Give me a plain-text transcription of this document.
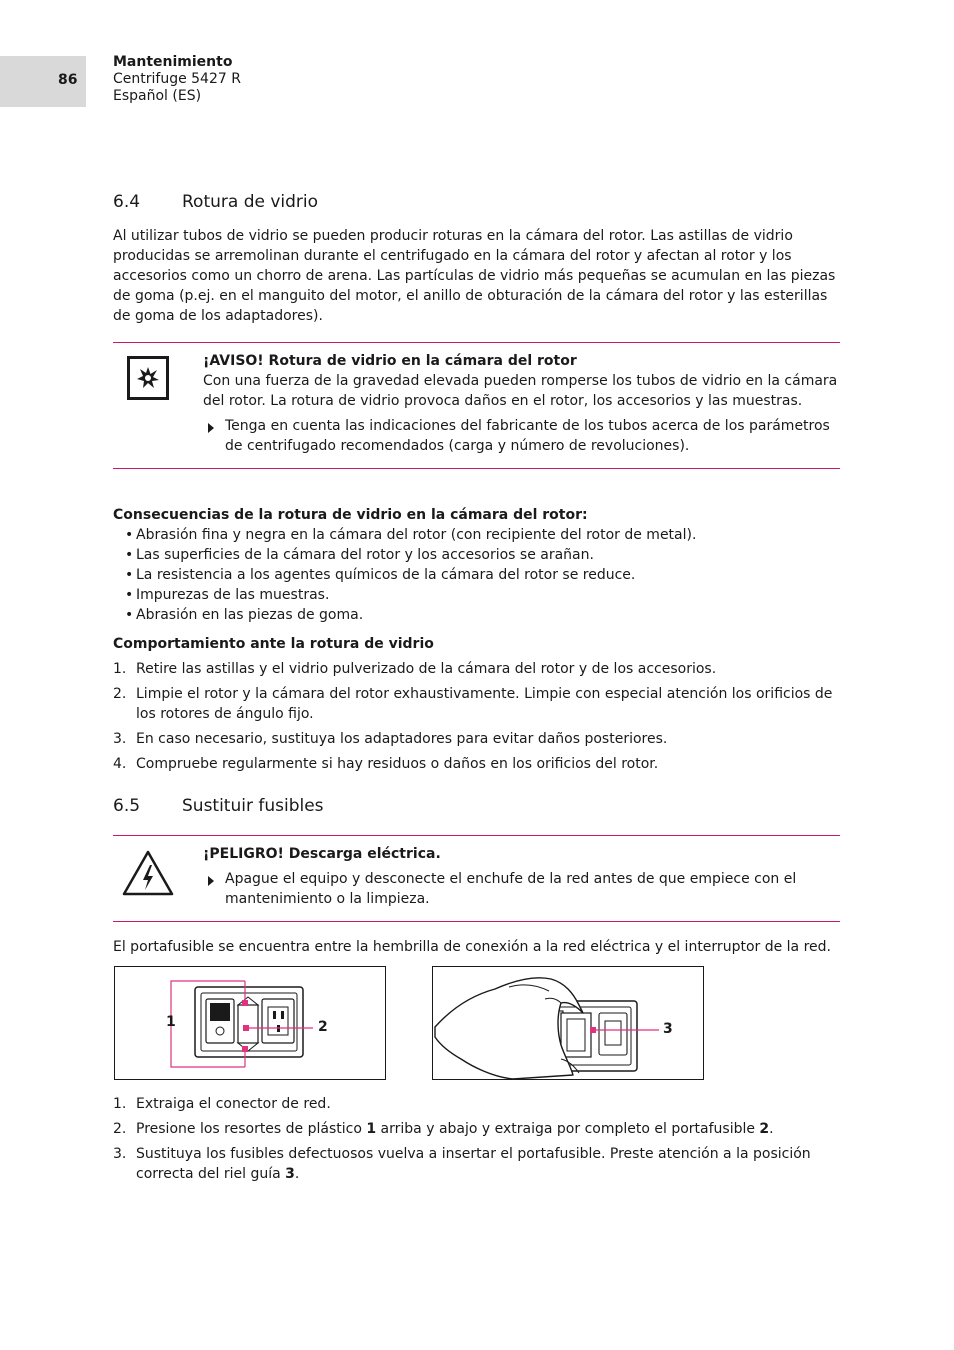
86
Mantenimiento
Centrifuge 5427 R
Español (ES)
6.4 Rotura de vidrio
Al utilizar tubos de vidrio se pueden producir roturas en la cámara del rotor. Las astillas de vidrio producidas se arremolinan durante el centrifugado en la cámara del rotor y afectan al rotor y los accesorios como un chorro de arena. Las partículas de vidrio más pequeñas se acumulan en las piezas de goma (p.ej. en el manguito del motor, el anillo de obturación de la cámara del rotor y las esterillas de goma de los adaptadores).
¡AVISO! Rotura de vidrio en la cámara del rotor
Con una fuerza de la gravedad elevada pueden romperse los tubos de vidrio en la cámara del rotor. La rotura de vidrio provoca daños en el rotor, los accesorios y las muestras.
Tenga en cuenta las indicaciones del fabricante de los tubos acerca de los parámetros de centrifugado recomendados (carga y número de revoluciones).
Consecuencias de la rotura de vidrio en la cámara del rotor:
• Abrasión fina y negra en la cámara del rotor (con recipiente del rotor de metal).
• Las superficies de la cámara del rotor y los accesorios se arañan.
• La resistencia a los agentes químicos de la cámara del rotor se reduce.
• Impurezas de las muestras.
• Abrasión en las piezas de goma.
Comportamiento ante la rotura de vidrio
1. Retire las astillas y el vidrio pulverizado de la cámara del rotor y de los accesorios.
2. Limpie el rotor y la cámara del rotor exhaustivamente. Limpie con especial atención los orificios de los rotores de ángulo fijo.
3. En caso necesario, sustituya los adaptadores para evitar daños posteriores.
4. Compruebe regularmente si hay residuos o daños en los orificios del rotor.
6.5 Sustituir fusibles
¡PELIGRO! Descarga eléctrica.
Apague el equipo y desconecte el enchufe de la red antes de que empiece con el mantenimiento o la limpieza.
El portafusible se encuentra entre la hembrilla de conexión a la red eléctrica y el interruptor de la red.
1	2	3
1. Extraiga el conector de red.
2. Presione los resortes de plástico 1 arriba y abajo y extraiga por completo el portafusible 2.
3. Sustituya los fusibles defectuosos vuelva a insertar el portafusible. Preste atención a la posición correcta del riel guía 3.
